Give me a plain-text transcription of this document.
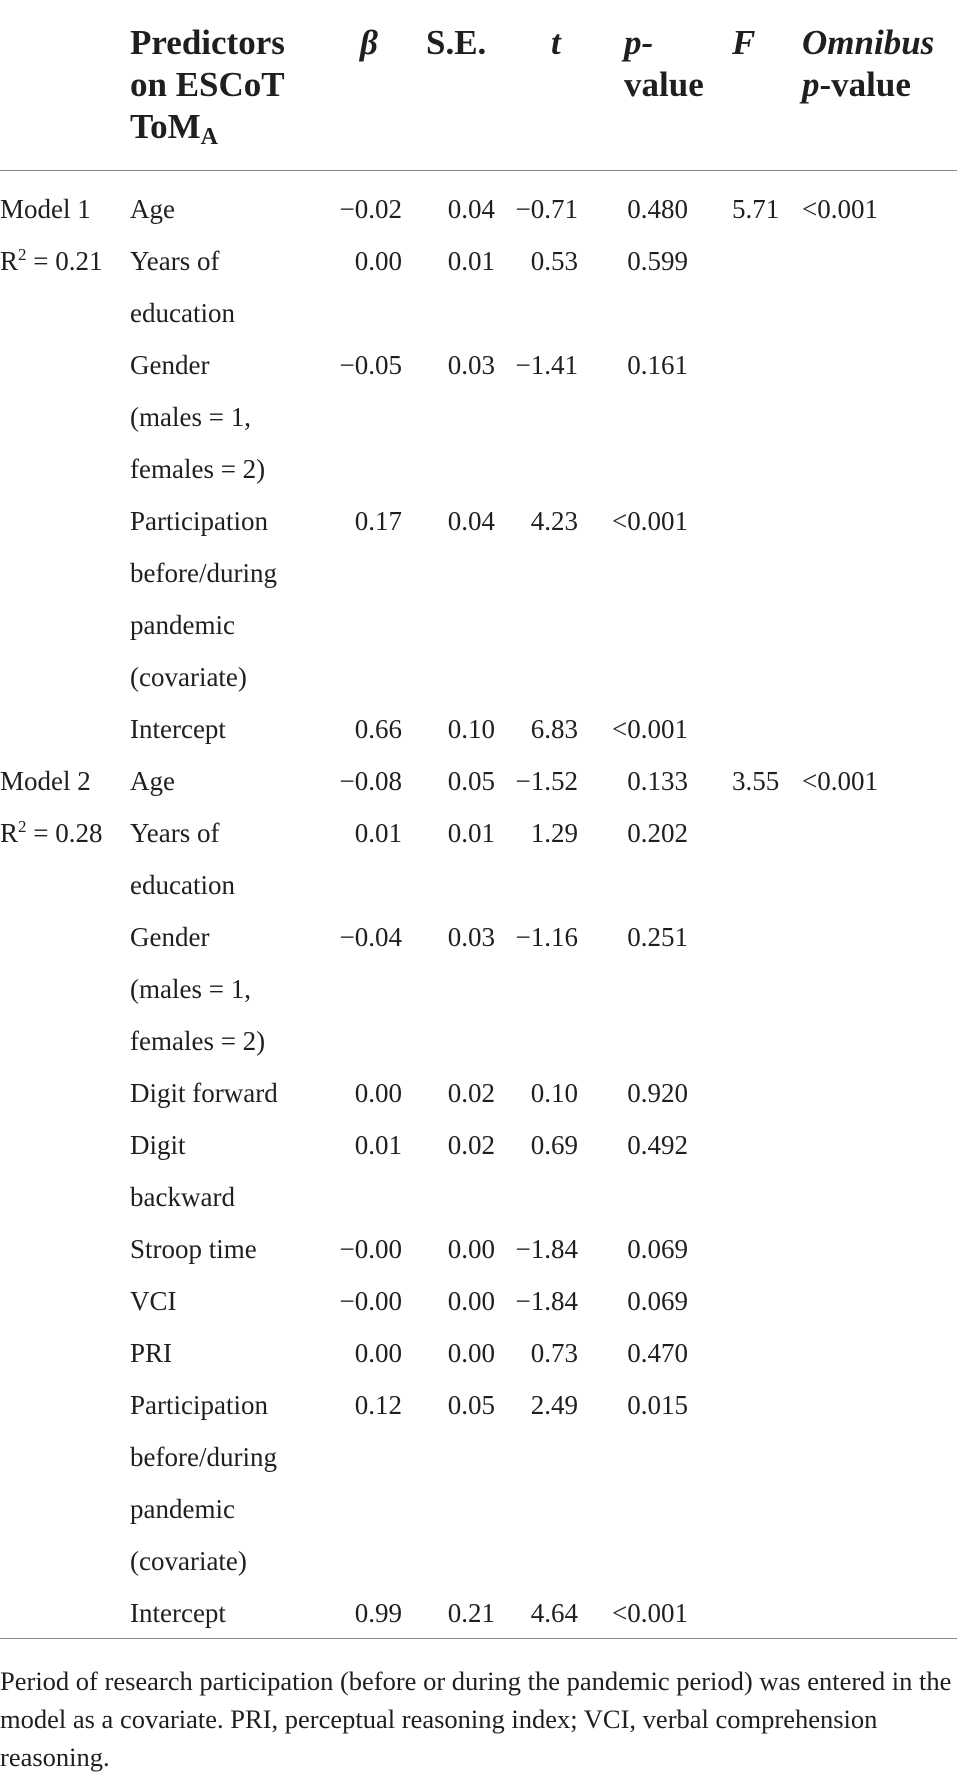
	Predictors
on ESCoT
ToM$_A$	β	S.E.	t	p-
value	F	Omnibus
p-value
Model 1	Age	−0.02	0.04	−0.71	0.480	5.71	<0.001
$R^2 = 0.21$	Years of	0.00	0.01	0.53	0.599		
	education						
	Gender	−0.05	0.03	−1.41	0.161		
	(males = 1,						
	females = 2)						
	Participation	0.17	0.04	4.23	<0.001		
	before/during						
	pandemic						
	(covariate)						
	Intercept	0.66	0.10	6.83	<0.001		
Model 2	Age	−0.08	0.05	−1.52	0.133	3.55	<0.001
$R^2 = 0.28$	Years of	0.01	0.01	1.29	0.202		
	education						
	Gender	−0.04	0.03	−1.16	0.251		
	(males = 1,						
	females = 2)						
	Digit forward	0.00	0.02	0.10	0.920		
	Digit	0.01	0.02	0.69	0.492		
	backward						
	Stroop time	−0.00	0.00	−1.84	0.069		
	VCI	−0.00	0.00	−1.84	0.069		
	PRI	0.00	0.00	0.73	0.470		
	Participation	0.12	0.05	2.49	0.015		
	before/during						
	pandemic						
	(covariate)						
	Intercept	0.99	0.21	4.64	<0.001		
Period of research participation (before or during the pandemic period) was entered in the
model as a covariate. PRI, perceptual reasoning index; VCI, verbal comprehension reasoning.
